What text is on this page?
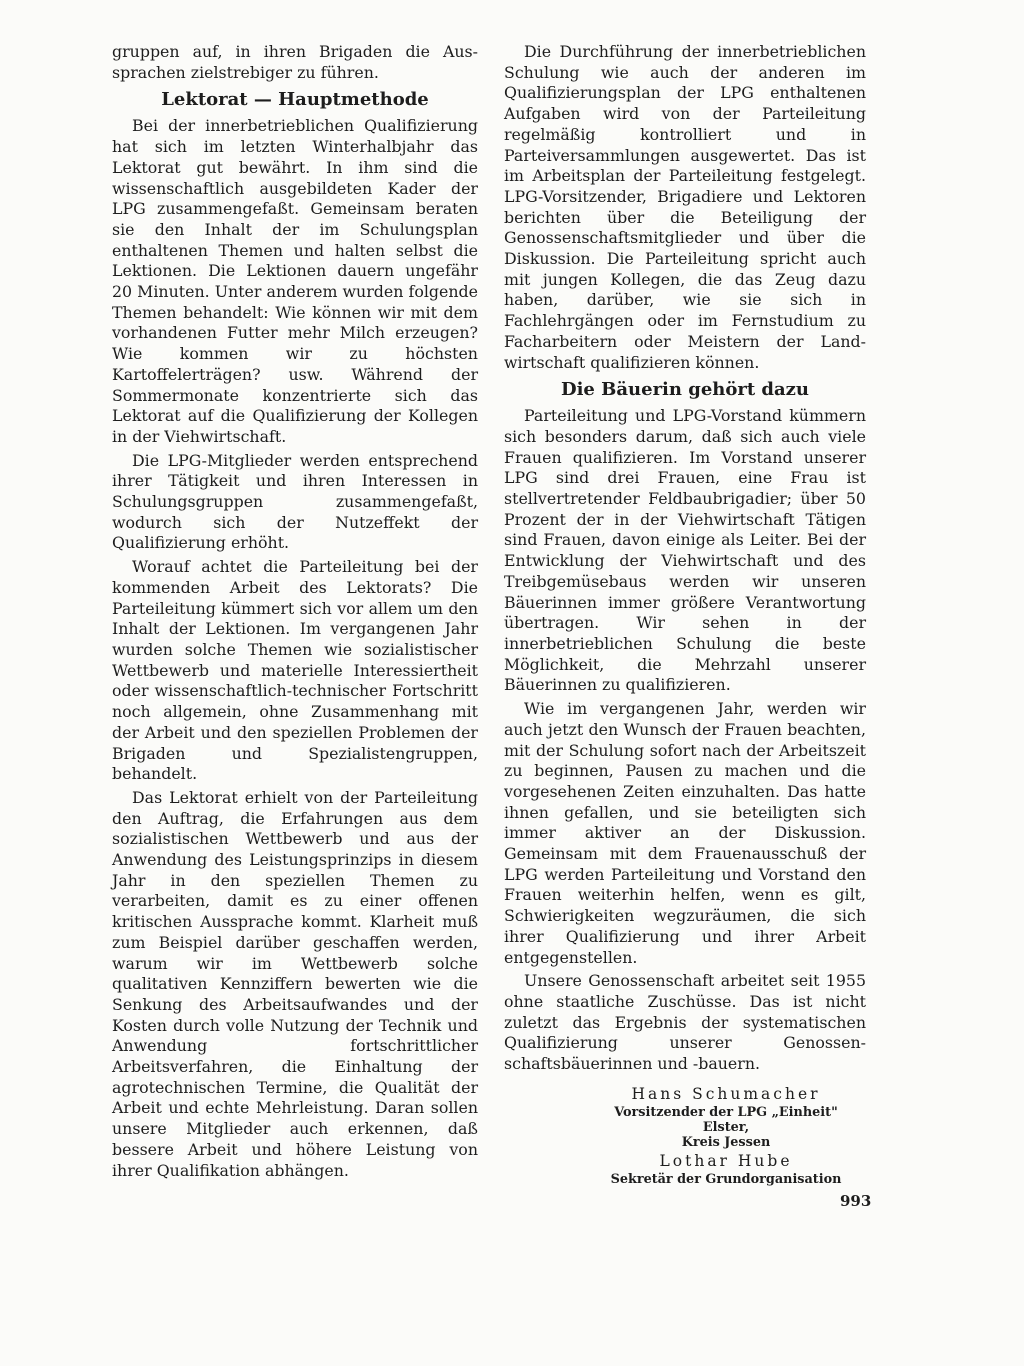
gruppen auf, in ihren Brigaden die Aussprachen zielstrebiger zu führen.

Lektorat — Hauptmethode

Bei der innerbetrieblichen Qualifizierung hat sich im letzten Winterhalbjahr das Lektorat gut bewährt. In ihm sind die wissenschaftlich ausgebildeten Kader der LPG zusammengefaßt. Gemeinsam beraten sie den Inhalt der im Schulungsplan enthaltenen Themen und halten selbst die Lektionen. Die Lektionen dauern ungefähr 20 Minuten. Unter anderem wurden folgende Themen behandelt: Wie können wir mit dem vorhandenen Futter mehr Milch erzeugen? Wie kommen wir zu höchsten Kartoffelerträgen? usw. Während der Sommermonate konzentrierte sich das Lektorat auf die Qualifizierung der Kollegen in der Viehwirtschaft.

Die LPG-Mitglieder werden entsprechend ihrer Tätigkeit und ihren Interessen in Schulungsgruppen zusammengefaßt, wodurch sich der Nutzeffekt der Qualifizierung erhöht.

Worauf achtet die Parteileitung bei der kommenden Arbeit des Lektorats? Die Parteileitung kümmert sich vor allem um den Inhalt der Lektionen. Im vergangenen Jahr wurden solche Themen wie sozialistischer Wettbewerb und materielle Interessiertheit oder wissenschaftlich-technischer Fortschritt noch allgemein, ohne Zusammenhang mit der Arbeit und den speziellen Problemen der Brigaden und Spezialistengruppen, behandelt.

Das Lektorat erhielt von der Parteileitung den Auftrag, die Erfahrungen aus dem sozialistischen Wettbewerb und aus der Anwendung des Leistungsprinzips in diesem Jahr in den speziellen Themen zu verarbeiten, damit es zu einer offenen kritischen Aussprache kommt. Klarheit muß zum Beispiel darüber geschaffen werden, warum wir im Wettbewerb solche qualitativen Kennziffern bewerten wie die Senkung des Arbeitsaufwandes und der Kosten durch volle Nutzung der Technik und Anwendung fortschrittlicher Arbeitsverfahren, die Einhaltung der agrotechnischen Termine, die Qualität der Arbeit und echte Mehrleistung. Daran sollen unsere Mitglieder auch erkennen, daß bessere Arbeit und höhere Leistung von ihrer Qualifikation abhängen.

Die Durchführung der innerbetrieblichen Schulung wie auch der anderen im Qualifizierungsplan der LPG enthaltenen Aufgaben wird von der Parteileitung regelmäßig kontrolliert und in Parteiversammlungen ausgewertet. Das ist im Arbeitsplan der Parteileitung festgelegt. LPG-Vorsitzender, Brigadiere und Lektoren berichten über die Beteiligung der Genossenschaftsmitglieder und über die Diskussion. Die Parteileitung spricht auch mit jungen Kollegen, die das Zeug dazu haben, darüber, wie sie sich in Fachlehrgängen oder im Fernstudium zu Facharbeitern oder Meistern der Landwirtschaft qualifizieren können.

Die Bäuerin gehört dazu

Parteileitung und LPG-Vorstand kümmern sich besonders darum, daß sich auch viele Frauen qualifizieren. Im Vorstand unserer LPG sind drei Frauen, eine Frau ist stellvertretender Feldbaubrigadier; über 50 Prozent der in der Viehwirtschaft Tätigen sind Frauen, davon einige als Leiter. Bei der Entwicklung der Viehwirtschaft und des Treibgemüsebaus werden wir unseren Bäuerinnen immer größere Verantwortung übertragen. Wir sehen in der innerbetrieblichen Schulung die beste Möglichkeit, die Mehrzahl unserer Bäuerinnen zu qualifizieren.

Wie im vergangenen Jahr, werden wir auch jetzt den Wunsch der Frauen beachten, mit der Schulung sofort nach der Arbeitszeit zu beginnen, Pausen zu machen und die vorgesehenen Zeiten einzuhalten. Das hatte ihnen gefallen, und sie beteiligten sich immer aktiver an der Diskussion. Gemeinsam mit dem Frauenausschuß der LPG werden Parteileitung und Vorstand den Frauen weiterhin helfen, wenn es gilt, Schwierigkeiten wegzuräumen, die sich ihrer Qualifizierung und ihrer Arbeit entgegenstellen.

Unsere Genossenschaft arbeitet seit 1955 ohne staatliche Zuschüsse. Das ist nicht zuletzt das Ergebnis der systematischen Qualifizierung unserer Genossenschaftsbäuerinnen und -bauern.

Hans Schumacher
Vorsitzender der LPG „Einheit" Elster,
Kreis Jessen
Lothar Hube
Sekretär der Grundorganisation
993
